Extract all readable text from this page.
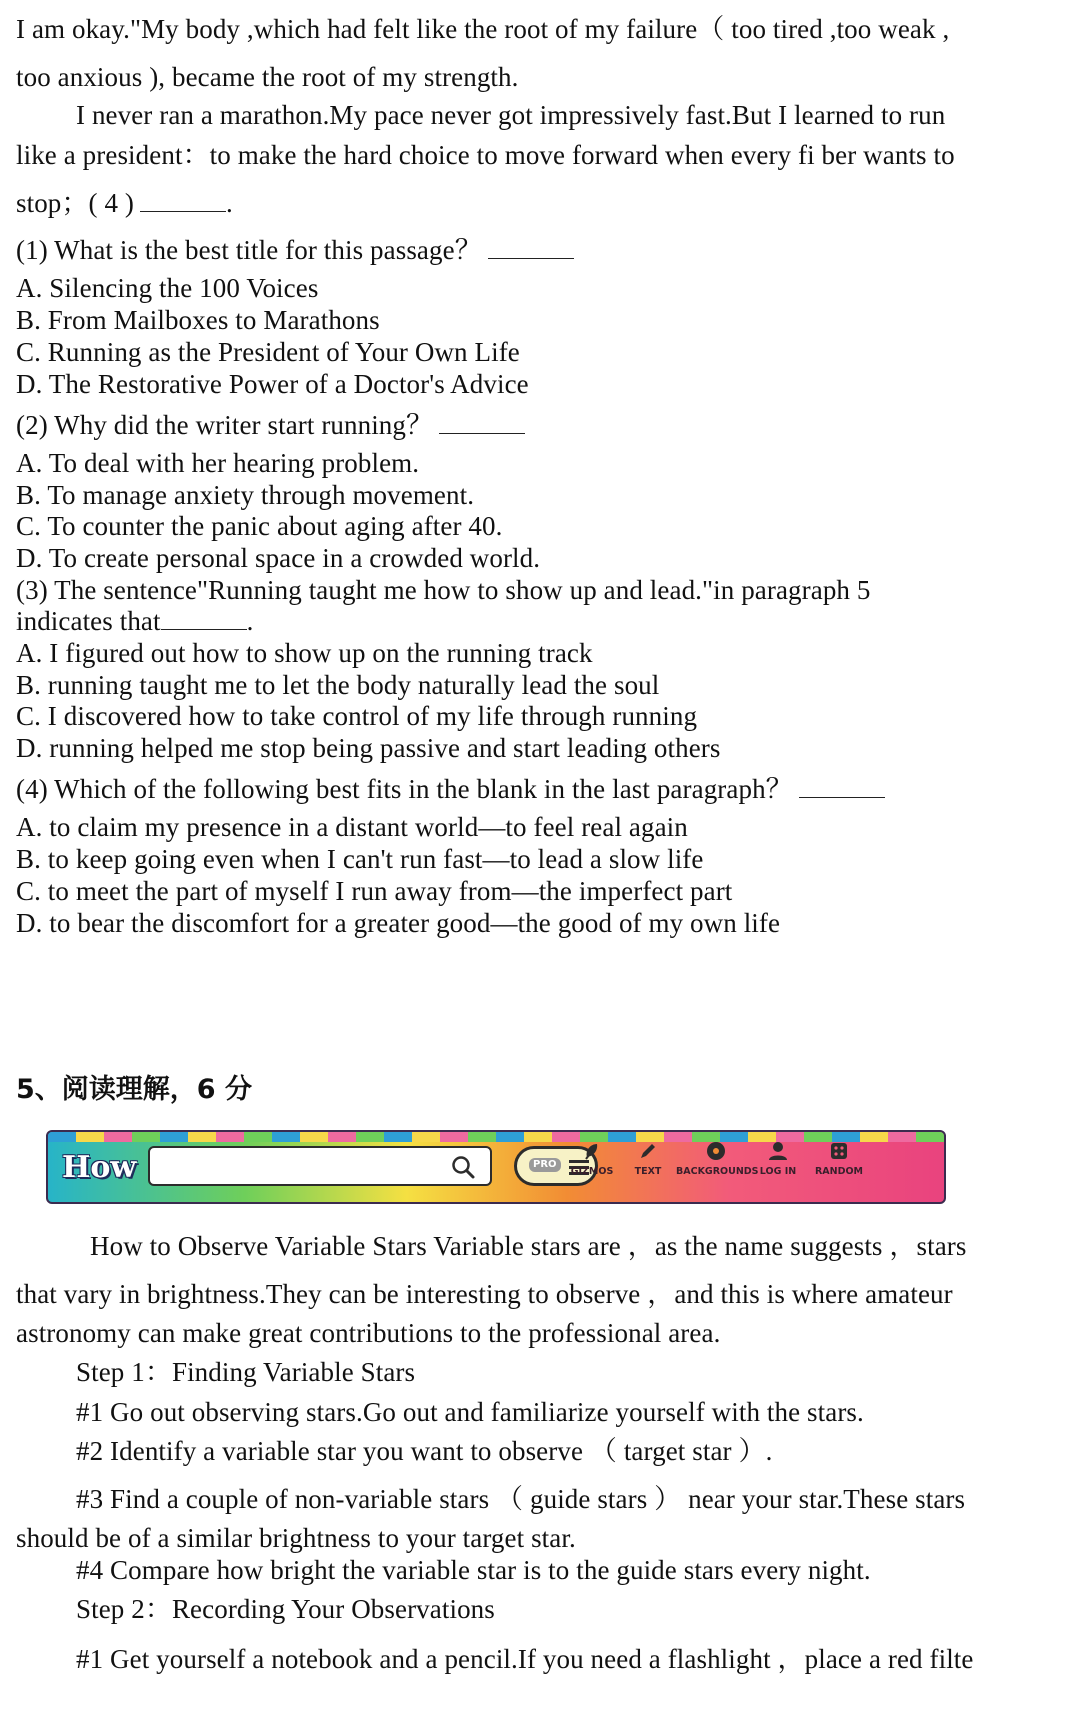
I am okay."My body ,which had felt like the root of my failure（ too tired ,too weak ,
too anxious ), became the root of my strength.
I never ran a marathon.My pace never got impressively fast.But I learned to run
like a president：to make the hard choice to move forward when every fi ber wants to
stop；( 4 )	.
(1) What is the best title for this passage？
A. Silencing the 100 Voices
B. From Mailboxes to Marathons
C. Running as the President of Your Own Life
D. The Restorative Power of a Doctor's Advice
(2) Why did the writer start running？
A. To deal with her hearing problem.
B. To manage anxiety through movement.
C. To counter the panic about aging after 40.
D. To create personal space in a crowded world.
(3) The sentence"Running taught me how to show up and lead."in paragraph 5
indicates that	.
A. I figured out how to show up on the running track
B. running taught me to let the body naturally lead the soul
C. I discovered how to take control of my life through running
D. running helped me stop being passive and start leading others
(4) Which of the following best fits in the blank in the last paragraph？
A. to claim my presence in a distant world—to feel real again
B. to keep going even when I can't run fast—to lead a slow life
C. to meet the part of myself I run away from—the imperfect part
D. to bear the discomfort for a greater good—the good of my own life
5、阅读理解，6 分
How	PRO
GIZMOS	TEXT	BACKGROUNDS LOG IN RANDOM
How to Observe Variable Stars Variable stars are ，as the name suggests ，stars
that vary in brightness.They can be interesting to observe ，and this is where amateur
astronomy can make great contributions to the professional area.
Step 1：Finding Variable Stars
#1 Go out observing stars.Go out and familiarize yourself with the stars.
#2 Identify a variable star you want to observe （ target star ）.
#3 Find a couple of non-variable stars （ guide stars ） near your star.These stars
should be of a similar brightness to your target star.
#4 Compare how bright the variable star is to the guide stars every night.
Step 2：Recording Your Observations
#1 Get yourself a notebook and a pencil.If you need a flashlight ，place a red filte
